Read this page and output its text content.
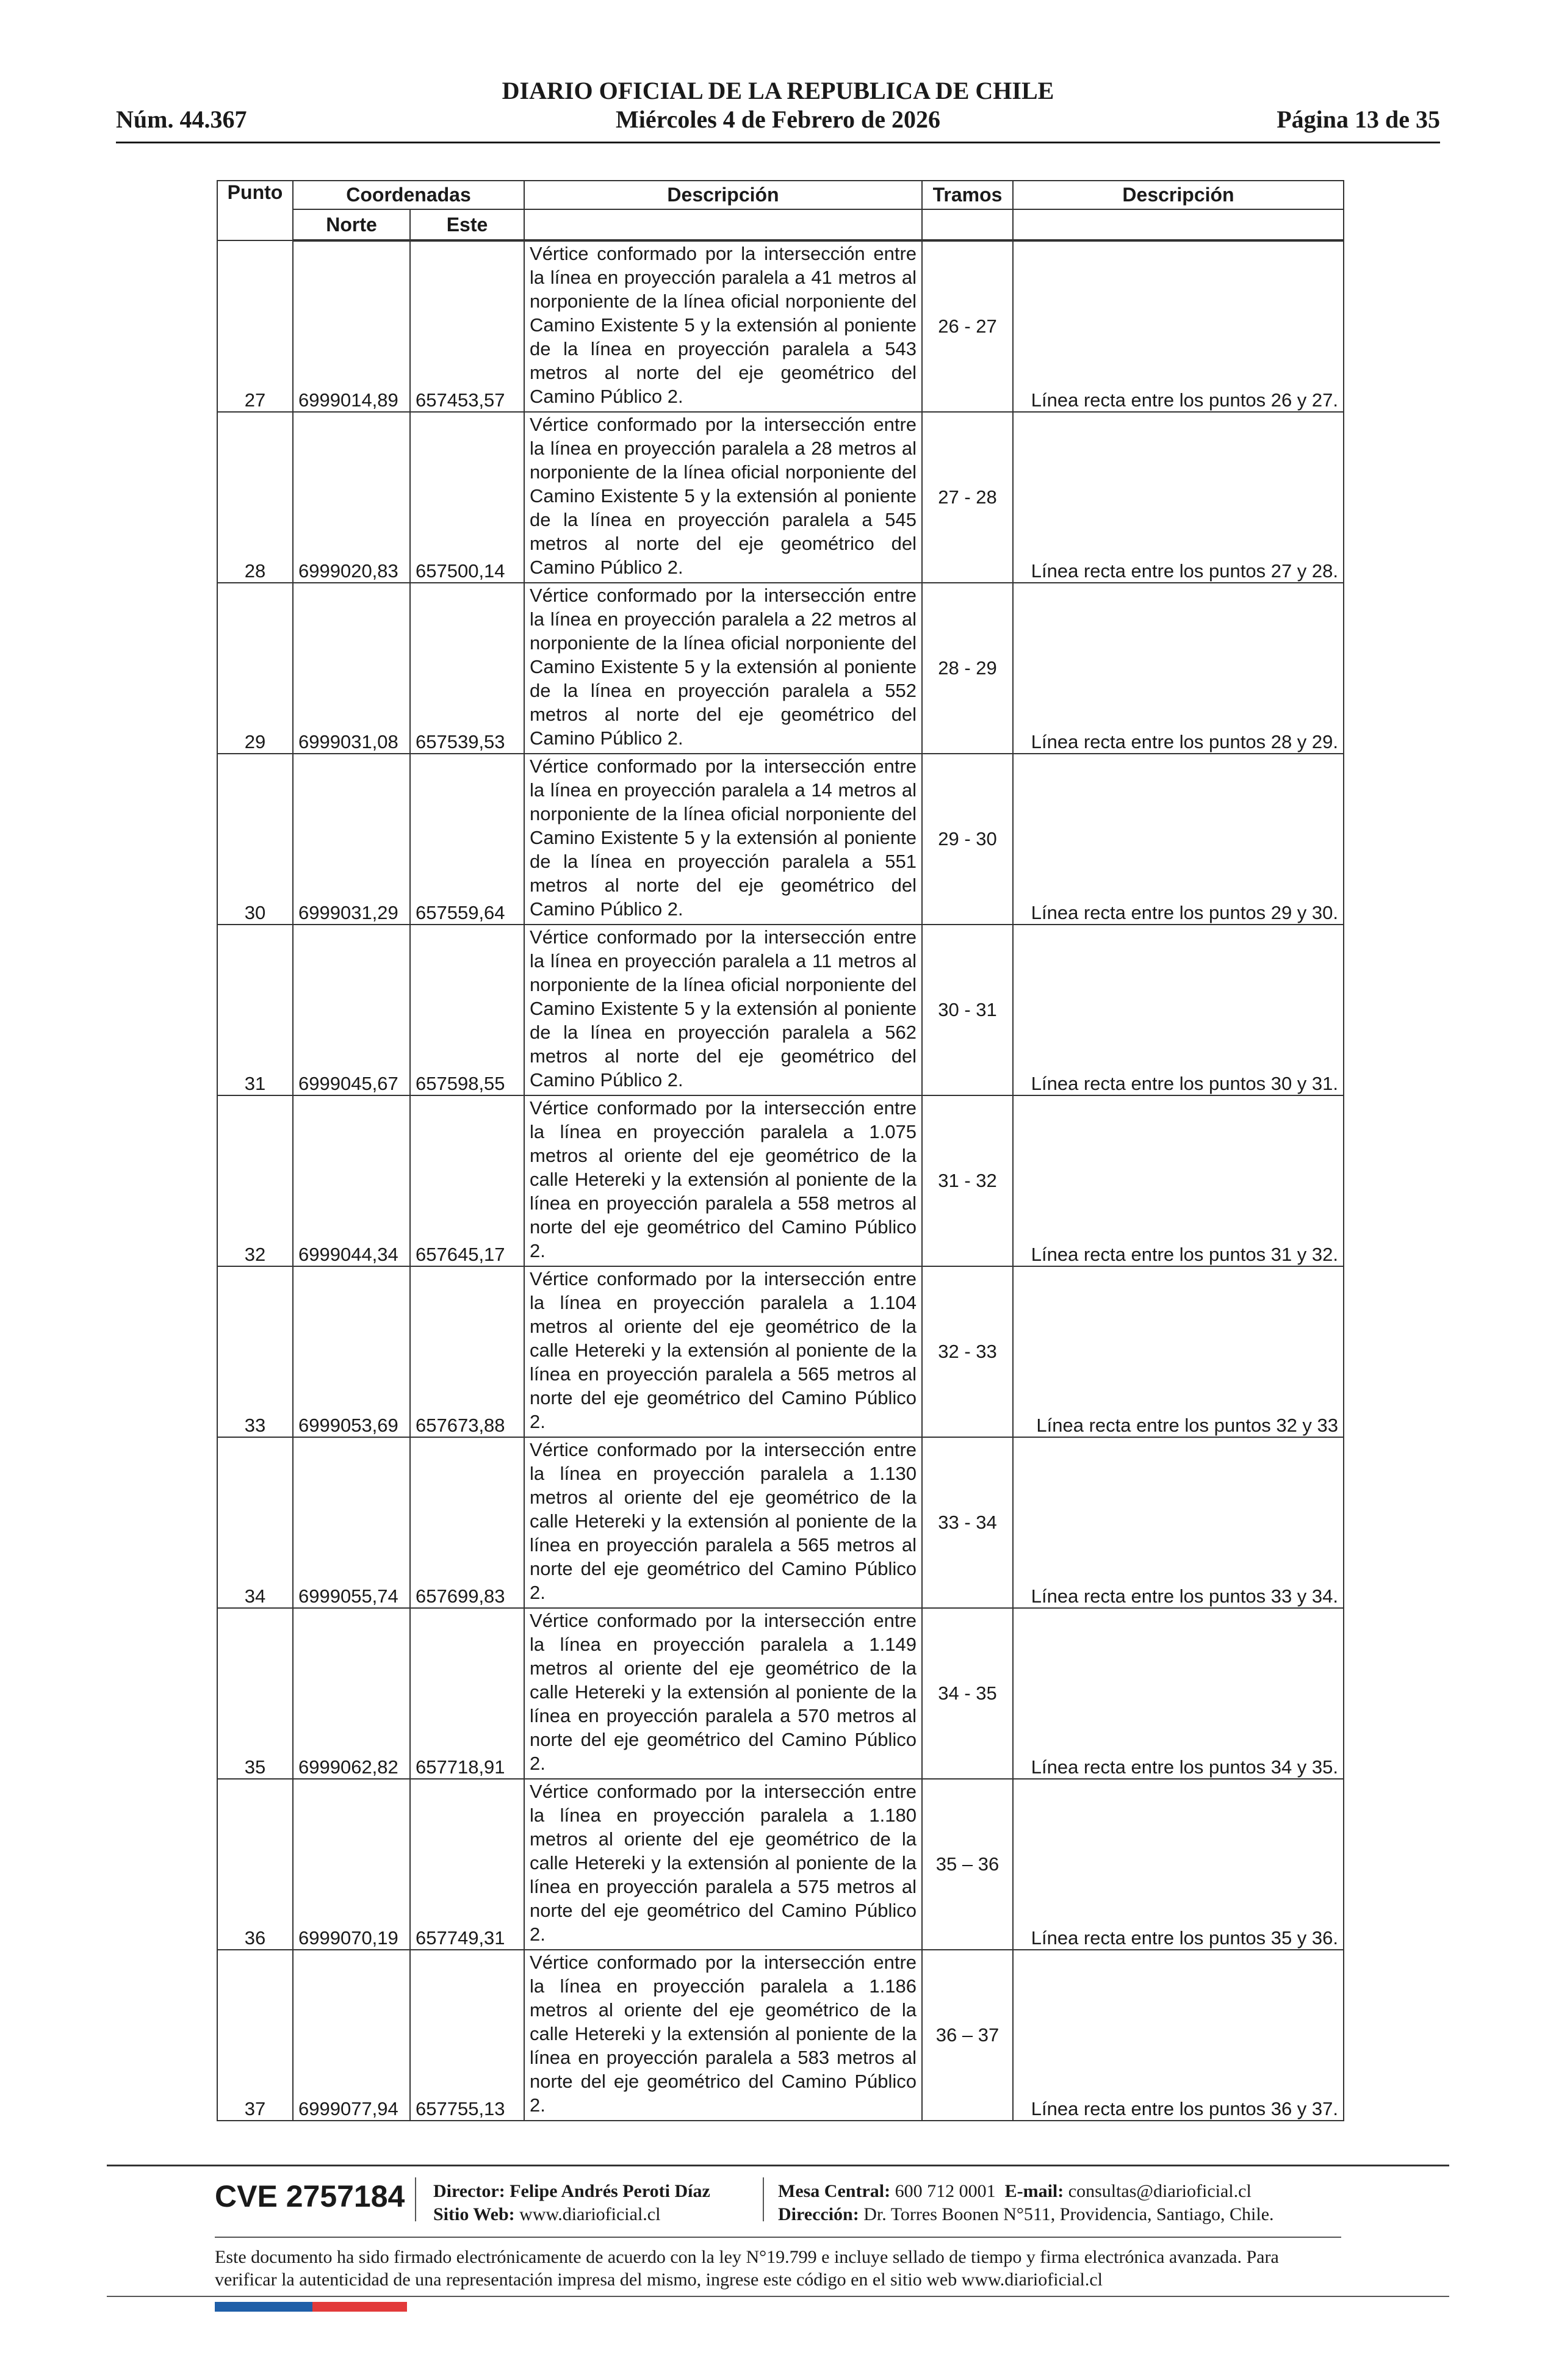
Núm. 44.367
DIARIO OFICIAL DE LA REPUBLICA DE CHILE
Miércoles 4 de Febrero de 2026	Página 13 de 35
Punto	Coordenadas		Descripción	Tramos	Descripción
	Norte	Este			
27	6999014,89	657453,57	Vértice conformado por la intersección entre la línea en proyección paralela a 41 metros al norponiente de la línea oficial norponiente del Camino Existente 5 y la extensión al poniente de la línea en proyección paralela a 543 metros al norte del eje geométrico del Camino Público 2.	26 - 27	Línea recta entre los puntos 26 y 27.
28	6999020,83	657500,14	Vértice conformado por la intersección entre la línea en proyección paralela a 28 metros al norponiente de la línea oficial norponiente del Camino Existente 5 y la extensión al poniente de la línea en proyección paralela a 545 metros al norte del eje geométrico del Camino Público 2.	27 - 28	Línea recta entre los puntos 27 y 28.
29	6999031,08	657539,53	Vértice conformado por la intersección entre la línea en proyección paralela a 22 metros al norponiente de la línea oficial norponiente del Camino Existente 5 y la extensión al poniente de la línea en proyección paralela a 552 metros al norte del eje geométrico del Camino Público 2.	28 - 29	Línea recta entre los puntos 28 y 29.
30	6999031,29	657559,64	Vértice conformado por la intersección entre la línea en proyección paralela a 14 metros al norponiente de la línea oficial norponiente del Camino Existente 5 y la extensión al poniente de la línea en proyección paralela a 551 metros al norte del eje geométrico del Camino Público 2.	29 - 30	Línea recta entre los puntos 29 y 30.
31	6999045,67	657598,55	Vértice conformado por la intersección entre la línea en proyección paralela a 11 metros al norponiente de la línea oficial norponiente del Camino Existente 5 y la extensión al poniente de la línea en proyección paralela a 562 metros al norte del eje geométrico del Camino Público 2.	30 - 31	Línea recta entre los puntos 30 y 31.
32	6999044,34	657645,17	Vértice conformado por la intersección entre la línea en proyección paralela a 1.075 metros al oriente del eje geométrico de la calle Hetereki y la extensión al poniente de la línea en proyección paralela a 558 metros al norte del eje geométrico del Camino Público 2.	31 - 32	Línea recta entre los puntos 31 y 32.
33	6999053,69	657673,88	Vértice conformado por la intersección entre la línea en proyección paralela a 1.104 metros al oriente del eje geométrico de la calle Hetereki y la extensión al poniente de la línea en proyección paralela a 565 metros al norte del eje geométrico del Camino Público 2.	32 - 33	Línea recta entre los puntos 32 y 33
34	6999055,74	657699,83	Vértice conformado por la intersección entre la línea en proyección paralela a 1.130 metros al oriente del eje geométrico de la calle Hetereki y la extensión al poniente de la línea en proyección paralela a 565 metros al norte del eje geométrico del Camino Público 2.	33 - 34	Línea recta entre los puntos 33 y 34.
35	6999062,82	657718,91	Vértice conformado por la intersección entre la línea en proyección paralela a 1.149 metros al oriente del eje geométrico de la calle Hetereki y la extensión al poniente de la línea en proyección paralela a 570 metros al norte del eje geométrico del Camino Público 2.	34 - 35	Línea recta entre los puntos 34 y 35.
36	6999070,19	657749,31	Vértice conformado por la intersección entre la línea en proyección paralela a 1.180 metros al oriente del eje geométrico de la calle Hetereki y la extensión al poniente de la línea en proyección paralela a 575 metros al norte del eje geométrico del Camino Público 2.	35 – 36	Línea recta entre los puntos 35 y 36.
37	6999077,94	657755,13	Vértice conformado por la intersección entre la línea en proyección paralela a 1.186 metros al oriente del eje geométrico de la calle Hetereki y la extensión al poniente de la línea en proyección paralela a 583 metros al norte del eje geométrico del Camino Público 2.	36 – 37	Línea recta entre los puntos 36 y 37.
CVE 2757184 Director: Felipe Andrés Peroti Díaz
Sitio Web: www.diarioficial.cl
Mesa Central: 600 712 0001 E-mail: consultas@diarioficial.cl
Dirección: Dr. Torres Boonen N°511, Providencia, Santiago, Chile.
Este documento ha sido firmado electrónicamente de acuerdo con la ley N°19.799 e incluye sellado de tiempo y firma electrónica avanzada. Para verificar la autenticidad de una representación impresa del mismo, ingrese este código en el sitio web www.diarioficial.cl
